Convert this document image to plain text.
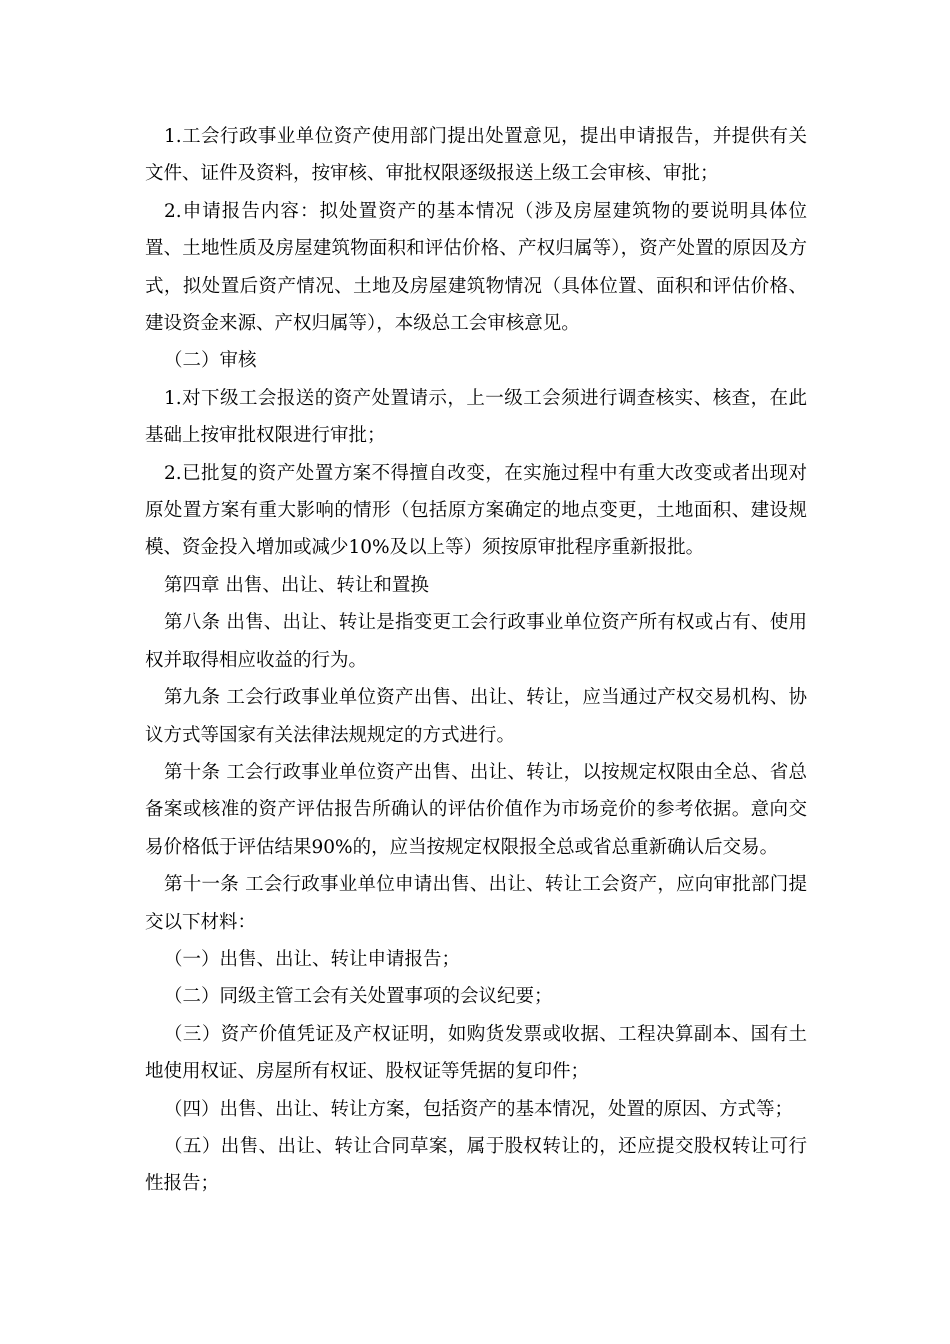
1.工会行政事业单位资产使用部门提出处置意见，提出申请报告，并提供有关文件、证件及资料，按审核、审批权限逐级报送上级工会审核、审批；

2.申请报告内容：拟处置资产的基本情况（涉及房屋建筑物的要说明具体位置、土地性质及房屋建筑物面积和评估价格、产权归属等），资产处置的原因及方式，拟处置后资产情况、土地及房屋建筑物情况（具体位置、面积和评估价格、建设资金来源、产权归属等），本级总工会审核意见。

（二）审核

1.对下级工会报送的资产处置请示，上一级工会须进行调查核实、核查，在此基础上按审批权限进行审批；

2.已批复的资产处置方案不得擅自改变，在实施过程中有重大改变或者出现对原处置方案有重大影响的情形（包括原方案确定的地点变更，土地面积、建设规模、资金投入增加或减少10%及以上等）须按原审批程序重新报批。

第四章 出售、出让、转让和置换

第八条 出售、出让、转让是指变更工会行政事业单位资产所有权或占有、使用权并取得相应收益的行为。

第九条 工会行政事业单位资产出售、出让、转让，应当通过产权交易机构、协议方式等国家有关法律法规规定的方式进行。

第十条 工会行政事业单位资产出售、出让、转让，以按规定权限由全总、省总备案或核准的资产评估报告所确认的评估价值作为市场竞价的参考依据。意向交易价格低于评估结果90%的，应当按规定权限报全总或省总重新确认后交易。

第十一条 工会行政事业单位申请出售、出让、转让工会资产，应向审批部门提交以下材料：

（一）出售、出让、转让申请报告；

（二）同级主管工会有关处置事项的会议纪要；

（三）资产价值凭证及产权证明，如购货发票或收据、工程决算副本、国有土地使用权证、房屋所有权证、股权证等凭据的复印件；

（四）出售、出让、转让方案，包括资产的基本情况，处置的原因、方式等；

（五）出售、出让、转让合同草案，属于股权转让的，还应提交股权转让可行性报告；
